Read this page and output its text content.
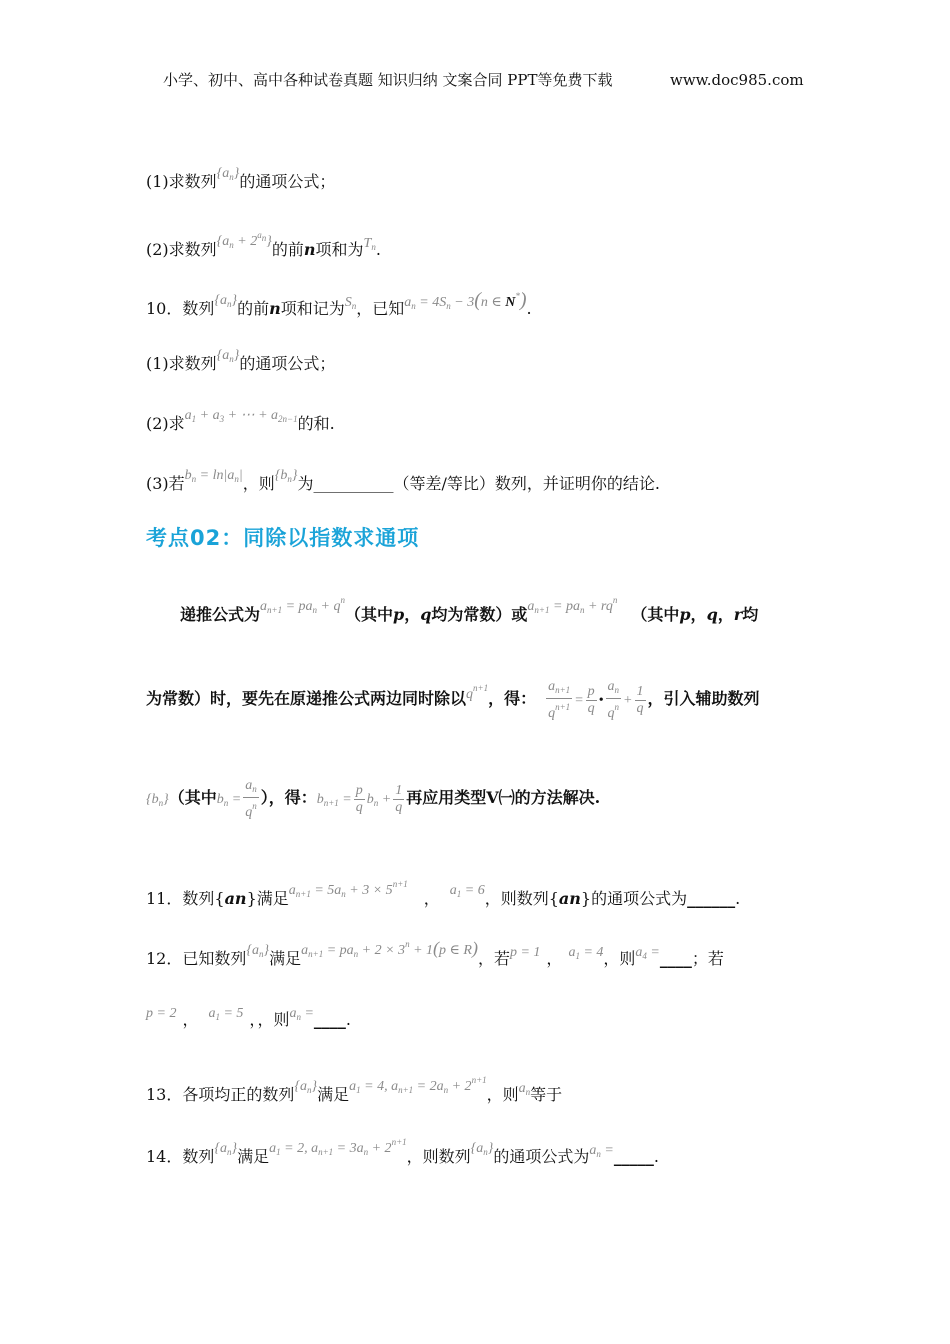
小学、初中、高中各种试卷真题 知识归纳 文案合同 PPT等免费下载	www.doc985.com
(1)求数列$\{a_n\}$的通项公式；
(2)求数列$\{a_n + 2^{an}\}$的前n项和为$T_n$.
10．数列$\{a_n\}$的前n项和记为$S_n$，已知$a_n = 4S_n - 3(n$ ∈ N*).
(1)求数列$\{a_n\}$的通项公式；
(2)求$a_1 + a_3$ + ⋯ + $a_{2n-1}$的和.
(3)若$b_n = \ln|a_n|$，则$\{b_n\}$为__________（等差/等比）数列，并证明你的结论.
考点02：同除以指数求通项
递推公式为$a_{n+1} = pa_n + q^n$（其中p，q均为常数）或$a_{n+1} = pa_n + rq^n$（其中p，q，r均
为常数）时，要先在原递推公式两边同时除以$q^{n+1}$，得： $\frac{a_{n+1}}{q^{n+1}} = \frac{p}{q}$ • $\frac{a_n}{q^n} + \frac{1}{q}$ ，引入辅助数列
$\{b_n\}$（其中$b_n = \frac{a_n}{q^n}$ ），得：$b_{n+1} = \frac{p}{q} b_n + \frac{1}{q}$ 再应用类型Ⅴ㈠的方法解决.
11．数列{an}满足$a_{n+1} = 5a_n + 3 \times 5^{n+1}$， $a_1 = 6$，则数列{an}的通项公式为______.
12．已知数列$\{a_n\}$满足$a_{n+1} = pa_n + 2 \times 3^n + 1(p$ ∈ R)，若p = 1 ， $a_1 = 4$，则$a_4$ =____；若
p = 2 ， $a_1 = 5$ ，，则$a_n$ =____.
13．各项均正的数列$\{a_n\}$满足$a_1 = 4$, $a_{n+1} = 2a_n + 2^{n+1}$，则$a_n$等于
14．数列$\{a_n\}$满足$a_1 = 2$, $a_{n+1} = 3a_n + 2^{n+1}$，则数列$\{a_n\}$的通项公式为$a_n$ =_____.
